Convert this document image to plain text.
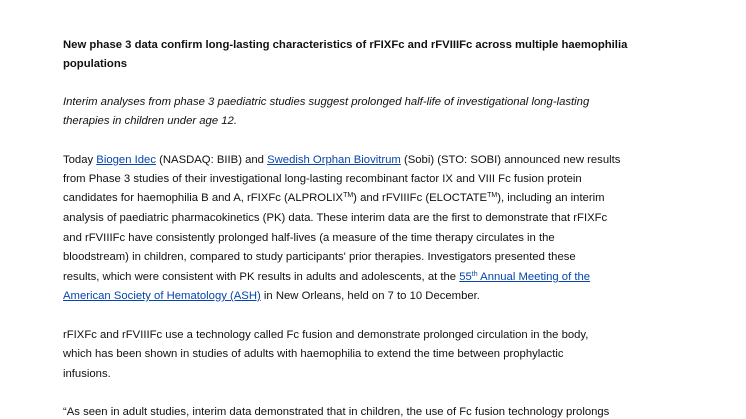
New phase 3 data confirm long-lasting characteristics of rFIXFc and rFVIIIFc across multiple haemophilia

populations

Interim analyses from phase 3 paediatric studies suggest prolonged half-life of investigational long-lasting

therapies in children under age 12.

Today Biogen Idec (NASDAQ: BIIB) and Swedish Orphan Biovitrum (Sobi) (STO: SOBI) announced new results

from Phase 3 studies of their investigational long-lasting recombinant factor IX and VIII Fc fusion protein

candidates for haemophilia B and A, rFIXFc (ALPROLIX™) and rFVIIIFc (ELOCTATE™), including an interim

analysis of paediatric pharmacokinetics (PK) data. These interim data are the first to demonstrate that rFIXFc

and rFVIIIFc have consistently prolonged half-lives (a measure of the time therapy circulates in the

bloodstream) in children, compared to study participants' prior therapies. Investigators presented these

results, which were consistent with PK results in adults and adolescents, at the 55th Annual Meeting of the

American Society of Hematology (ASH) in New Orleans, held on 7 to 10 December.

rFIXFc and rFVIIIFc use a technology called Fc fusion and demonstrate prolonged circulation in the body,

which has been shown in studies of adults with haemophilia to extend the time between prophylactic

infusions.

“As seen in adult studies, interim data demonstrated that in children, the use of Fc fusion technology prolongs
